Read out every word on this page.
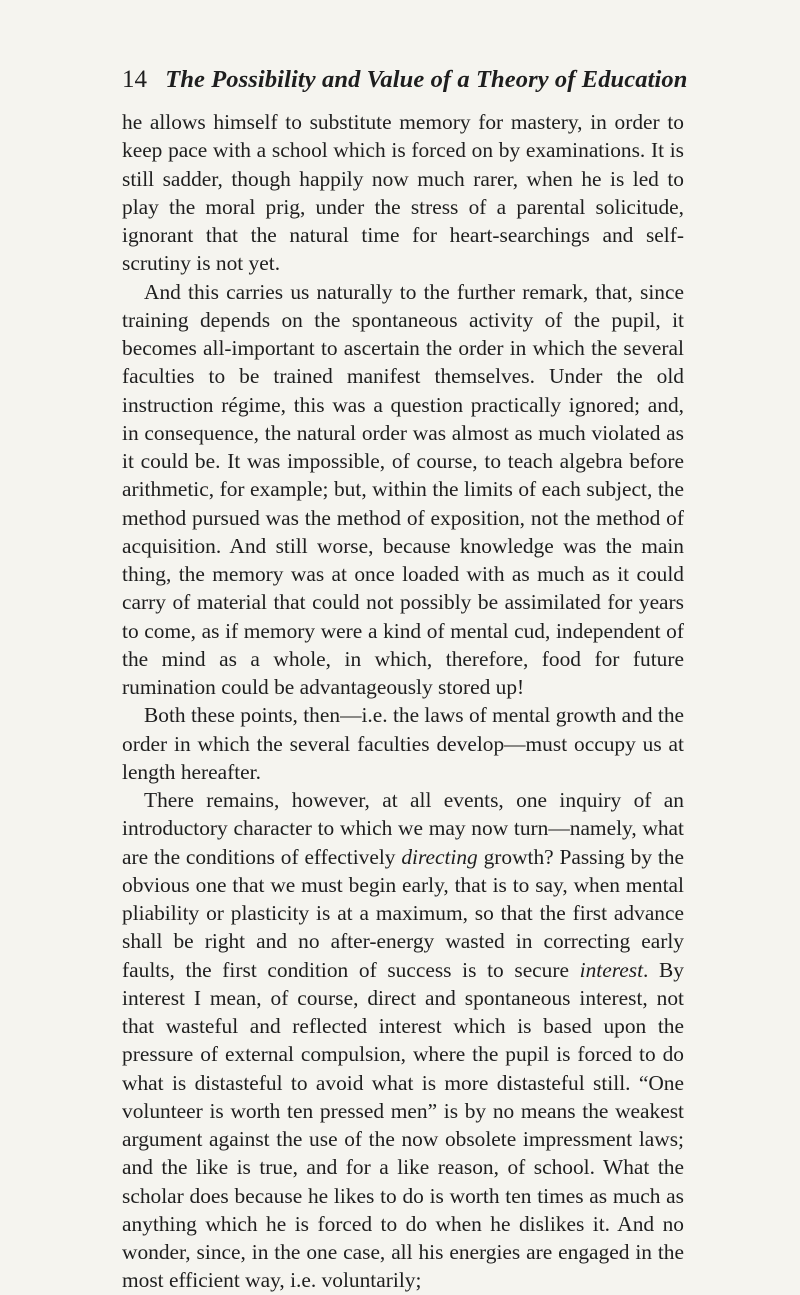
14 The Possibility and Value of a Theory of Education

he allows himself to substitute memory for mastery, in order to keep pace with a school which is forced on by examinations. It is still sadder, though happily now much rarer, when he is led to play the moral prig, under the stress of a parental solicitude, ignorant that the natural time for heart-searchings and self-scrutiny is not yet.

And this carries us naturally to the further remark, that, since training depends on the spontaneous activity of the pupil, it becomes all-important to ascertain the order in which the several faculties to be trained manifest themselves. Under the old instruction régime, this was a question practically ignored; and, in consequence, the natural order was almost as much violated as it could be. It was impossible, of course, to teach algebra before arithmetic, for example; but, within the limits of each subject, the method pursued was the method of exposition, not the method of acquisition. And still worse, because knowledge was the main thing, the memory was at once loaded with as much as it could carry of material that could not possibly be assimilated for years to come, as if memory were a kind of mental cud, independent of the mind as a whole, in which, therefore, food for future rumination could be advantageously stored up!

Both these points, then—i.e. the laws of mental growth and the order in which the several faculties develop—must occupy us at length hereafter.

There remains, however, at all events, one inquiry of an introductory character to which we may now turn—namely, what are the conditions of effectively directing growth? Passing by the obvious one that we must begin early, that is to say, when mental pliability or plasticity is at a maximum, so that the first advance shall be right and no after-energy wasted in correcting early faults, the first condition of success is to secure interest. By interest I mean, of course, direct and spontaneous interest, not that wasteful and reflected interest which is based upon the pressure of external compulsion, where the pupil is forced to do what is distasteful to avoid what is more distasteful still. “One volunteer is worth ten pressed men” is by no means the weakest argument against the use of the now obsolete impressment laws; and the like is true, and for a like reason, of school. What the scholar does because he likes to do is worth ten times as much as anything which he is forced to do when he dislikes it. And no wonder, since, in the one case, all his energies are engaged in the most efficient way, i.e. voluntarily;
